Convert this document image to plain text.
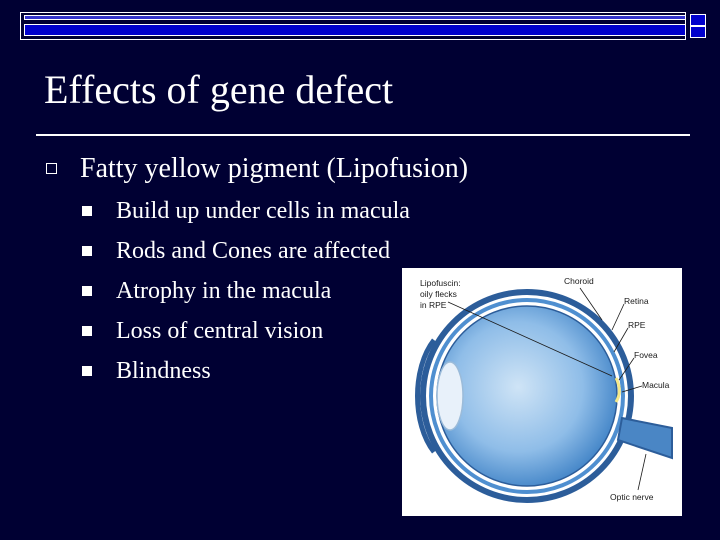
Effects of gene defect
Fatty yellow pigment (Lipofusion)
Build up under cells in macula
Rods and Cones are affected
Atrophy in the macula
Loss of central vision
Blindness
Lipofuscin:
oily flecks
in RPE
Choroid
Retina
RPE
Fovea
Macula
Optic nerve
